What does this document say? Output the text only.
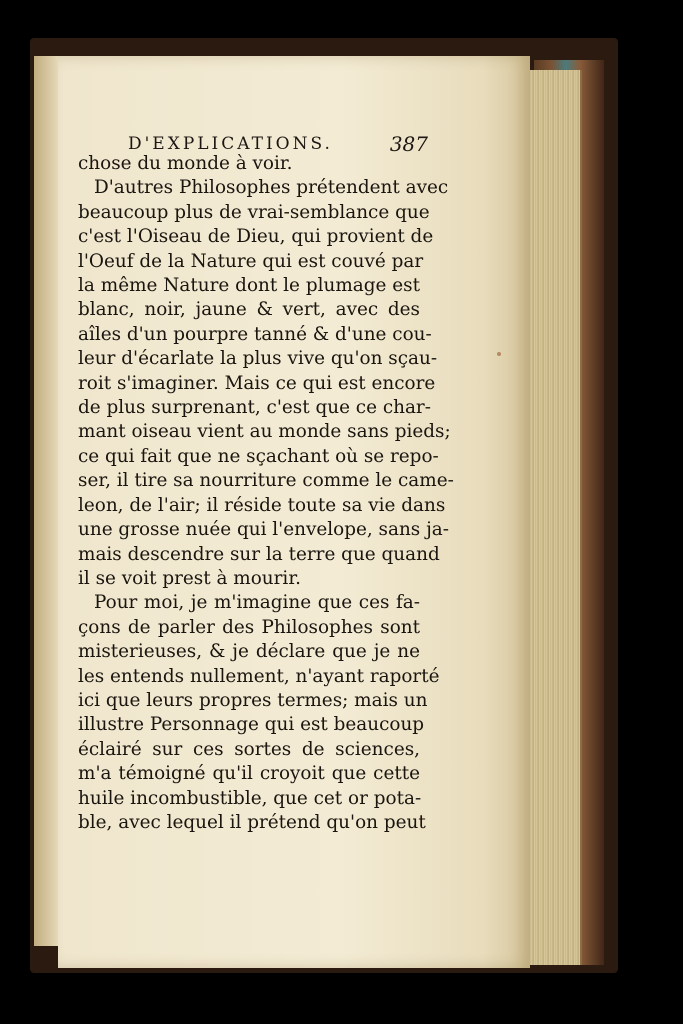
D'EXPLICATIONS.	387
chose du monde à voir.
D'autres Philosophes prétendent avec
beaucoup plus de vrai-semblance que
c'est l'Oiseau de Dieu, qui provient de
l'Oeuf de la Nature qui est couvé par
la même Nature dont le plumage est
blanc, noir, jaune & vert, avec des
aîles d'un pourpre tanné & d'une cou-
leur d'écarlate la plus vive qu'on sçau-
roit s'imaginer. Mais ce qui est encore
de plus surprenant, c'est que ce char-
mant oiseau vient au monde sans pieds;
ce qui fait que ne sçachant où se repo-
ser, il tire sa nourriture comme le came-
leon, de l'air; il réside toute sa vie dans
une grosse nuée qui l'envelope, sans ja-
mais descendre sur la terre que quand
il se voit prest à mourir.
Pour moi, je m'imagine que ces fa-
çons de parler des Philosophes sont
misterieuses, & je déclare que je ne
les entends nullement, n'ayant raporté
ici que leurs propres termes; mais un
illustre Personnage qui est beaucoup
éclairé sur ces sortes de sciences,
m'a témoigné qu'il croyoit que cette
huile incombustible, que cet or pota-
ble, avec lequel il prétend qu'on peut
